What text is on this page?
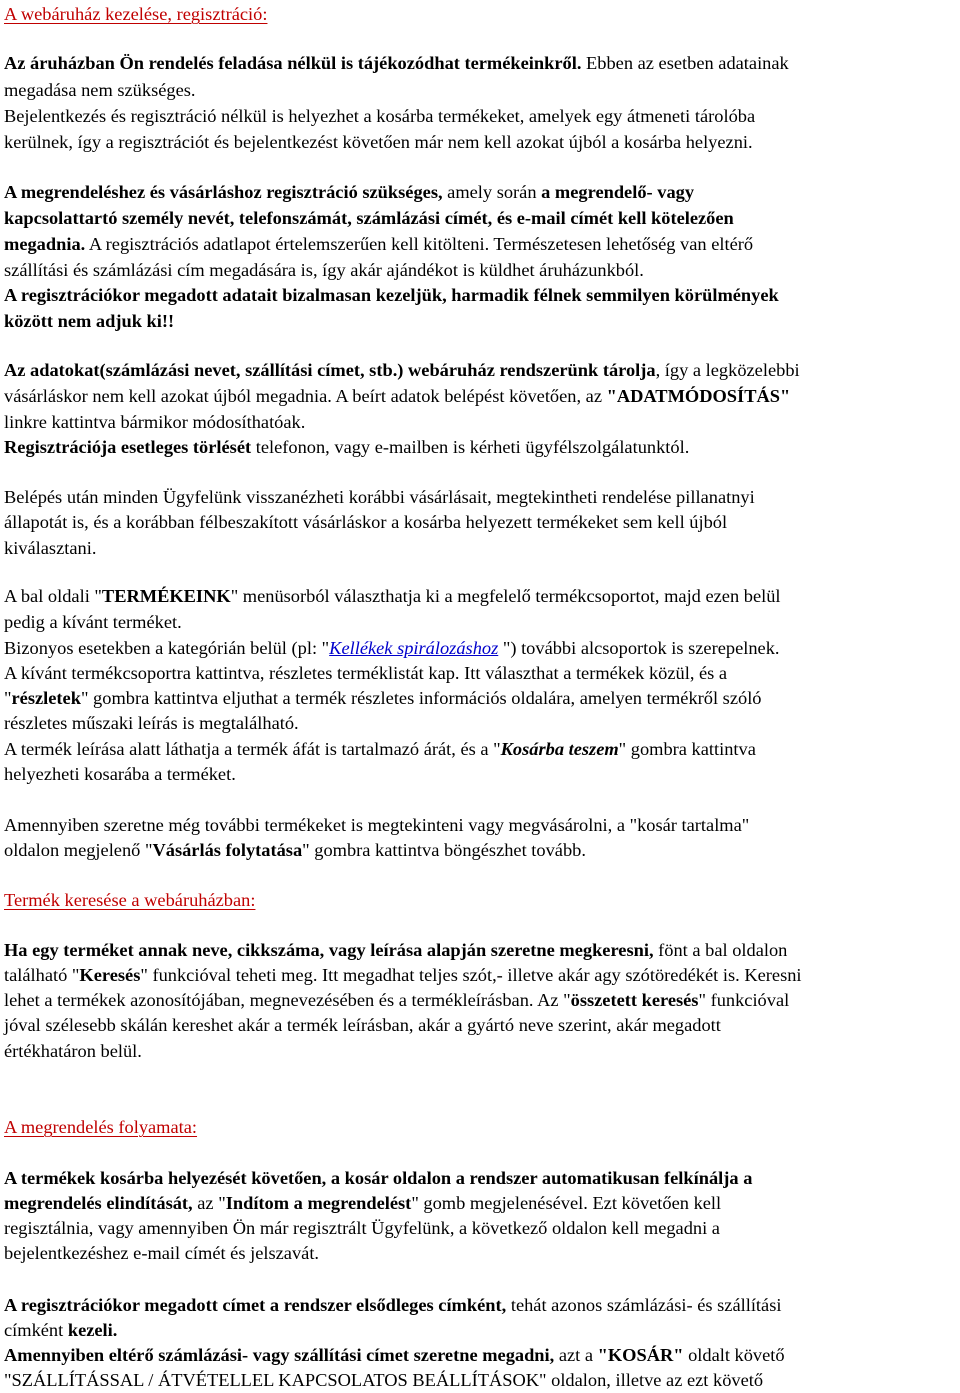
A webáruház kezelése, regisztráció:
Az áruházban Ön rendelés feladása nélkül is tájékozódhat termékeinkről. Ebben az esetben adatainak
megadása nem szükséges.
Bejelentkezés és regisztráció nélkül is helyezhet a kosárba termékeket, amelyek egy átmeneti tárolóba
kerülnek, így a regisztrációt és bejelentkezést követően már nem kell azokat újból a kosárba helyezni.
A megrendeléshez és vásárláshoz regisztráció szükséges, amely során a megrendelő- vagy
kapcsolattartó személy nevét, telefonszámát, számlázási címét, és e-mail címét kell kötelezően
megadnia. A regisztrációs adatlapot értelemszerűen kell kitölteni. Természetesen lehetőség van eltérő
szállítási és számlázási cím megadására is, így akár ajándékot is küldhet áruházunkból.
A regisztrációkor megadott adatait bizalmasan kezeljük, harmadik félnek semmilyen körülmények
között nem adjuk ki!!
Az adatokat(számlázási nevet, szállítási címet, stb.) webáruház rendszerünk tárolja, így a legközelebbi
vásárláskor nem kell azokat újból megadnia. A beírt adatok belépést követően, az "ADATMÓDOSÍTÁS"
linkre kattintva bármikor módosíthatóak.
Regisztrációja esetleges törlését telefonon, vagy e-mailben is kérheti ügyfélszolgálatunktól.
Belépés után minden Ügyfelünk visszanézheti korábbi vásárlásait, megtekintheti rendelése pillanatnyi
állapotát is, és a korábban félbeszakított vásárláskor a kosárba helyezett termékeket sem kell újból
kiválasztani.
A bal oldali "TERMÉKEINK" menüsorból választhatja ki a megfelelő termékcsoportot, majd ezen belül
pedig a kívánt terméket.
Bizonyos esetekben a kategórián belül (pl: "Kellékek spirálozáshoz ") további alcsoportok is szerepelnek.
A kívánt termékcsoportra kattintva, részletes terméklistát kap. Itt választhat a termékek közül, és a
"részletek" gombra kattintva eljuthat a termék részletes információs oldalára, amelyen termékről szóló
részletes műszaki leírás is megtalálható.
A termék leírása alatt láthatja a termék áfát is tartalmazó árát, és a "Kosárba teszem" gombra kattintva
helyezheti kosarába a terméket.
Amennyiben szeretne még további termékeket is megtekinteni vagy megvásárolni, a "kosár tartalma"
oldalon megjelenő "Vásárlás folytatása" gombra kattintva böngészhet tovább.
Termék keresése a webáruházban:
Ha egy terméket annak neve, cikkszáma, vagy leírása alapján szeretne megkeresni, fönt a bal oldalon
található "Keresés" funkcióval teheti meg. Itt megadhat teljes szót,- illetve akár agy szótöredékét is. Keresni
lehet a termékek azonosítójában, megnevezésében és a termékleírásban. Az "összetett keresés" funkcióval
jóval szélesebb skálán kereshet akár a termék leírásban, akár a gyártó neve szerint, akár megadott
értékhatáron belül.
A megrendelés folyamata:
A termékek kosárba helyezését követően, a kosár oldalon a rendszer automatikusan felkínálja a
megrendelés elindítását, az "Indítom a megrendelést" gomb megjelenésével. Ezt követően kell
regisztálnia, vagy amennyiben Ön már regisztrált Ügyfelünk, a következő oldalon kell megadni a
bejelentkezéshez e-mail címét és jelszavát.
A regisztrációkor megadott címet a rendszer elsődleges címként, tehát azonos számlázási- és szállítási
címként kezeli.
Amennyiben eltérő számlázási- vagy szállítási címet szeretne megadni, azt a "KOSÁR" oldalt követő
"SZÁLLÍTÁSSAL / ÁTVÉTELLEL KAPCSOLATOS BEÁLLÍTÁSOK" oldalon, illetve az ezt követő
